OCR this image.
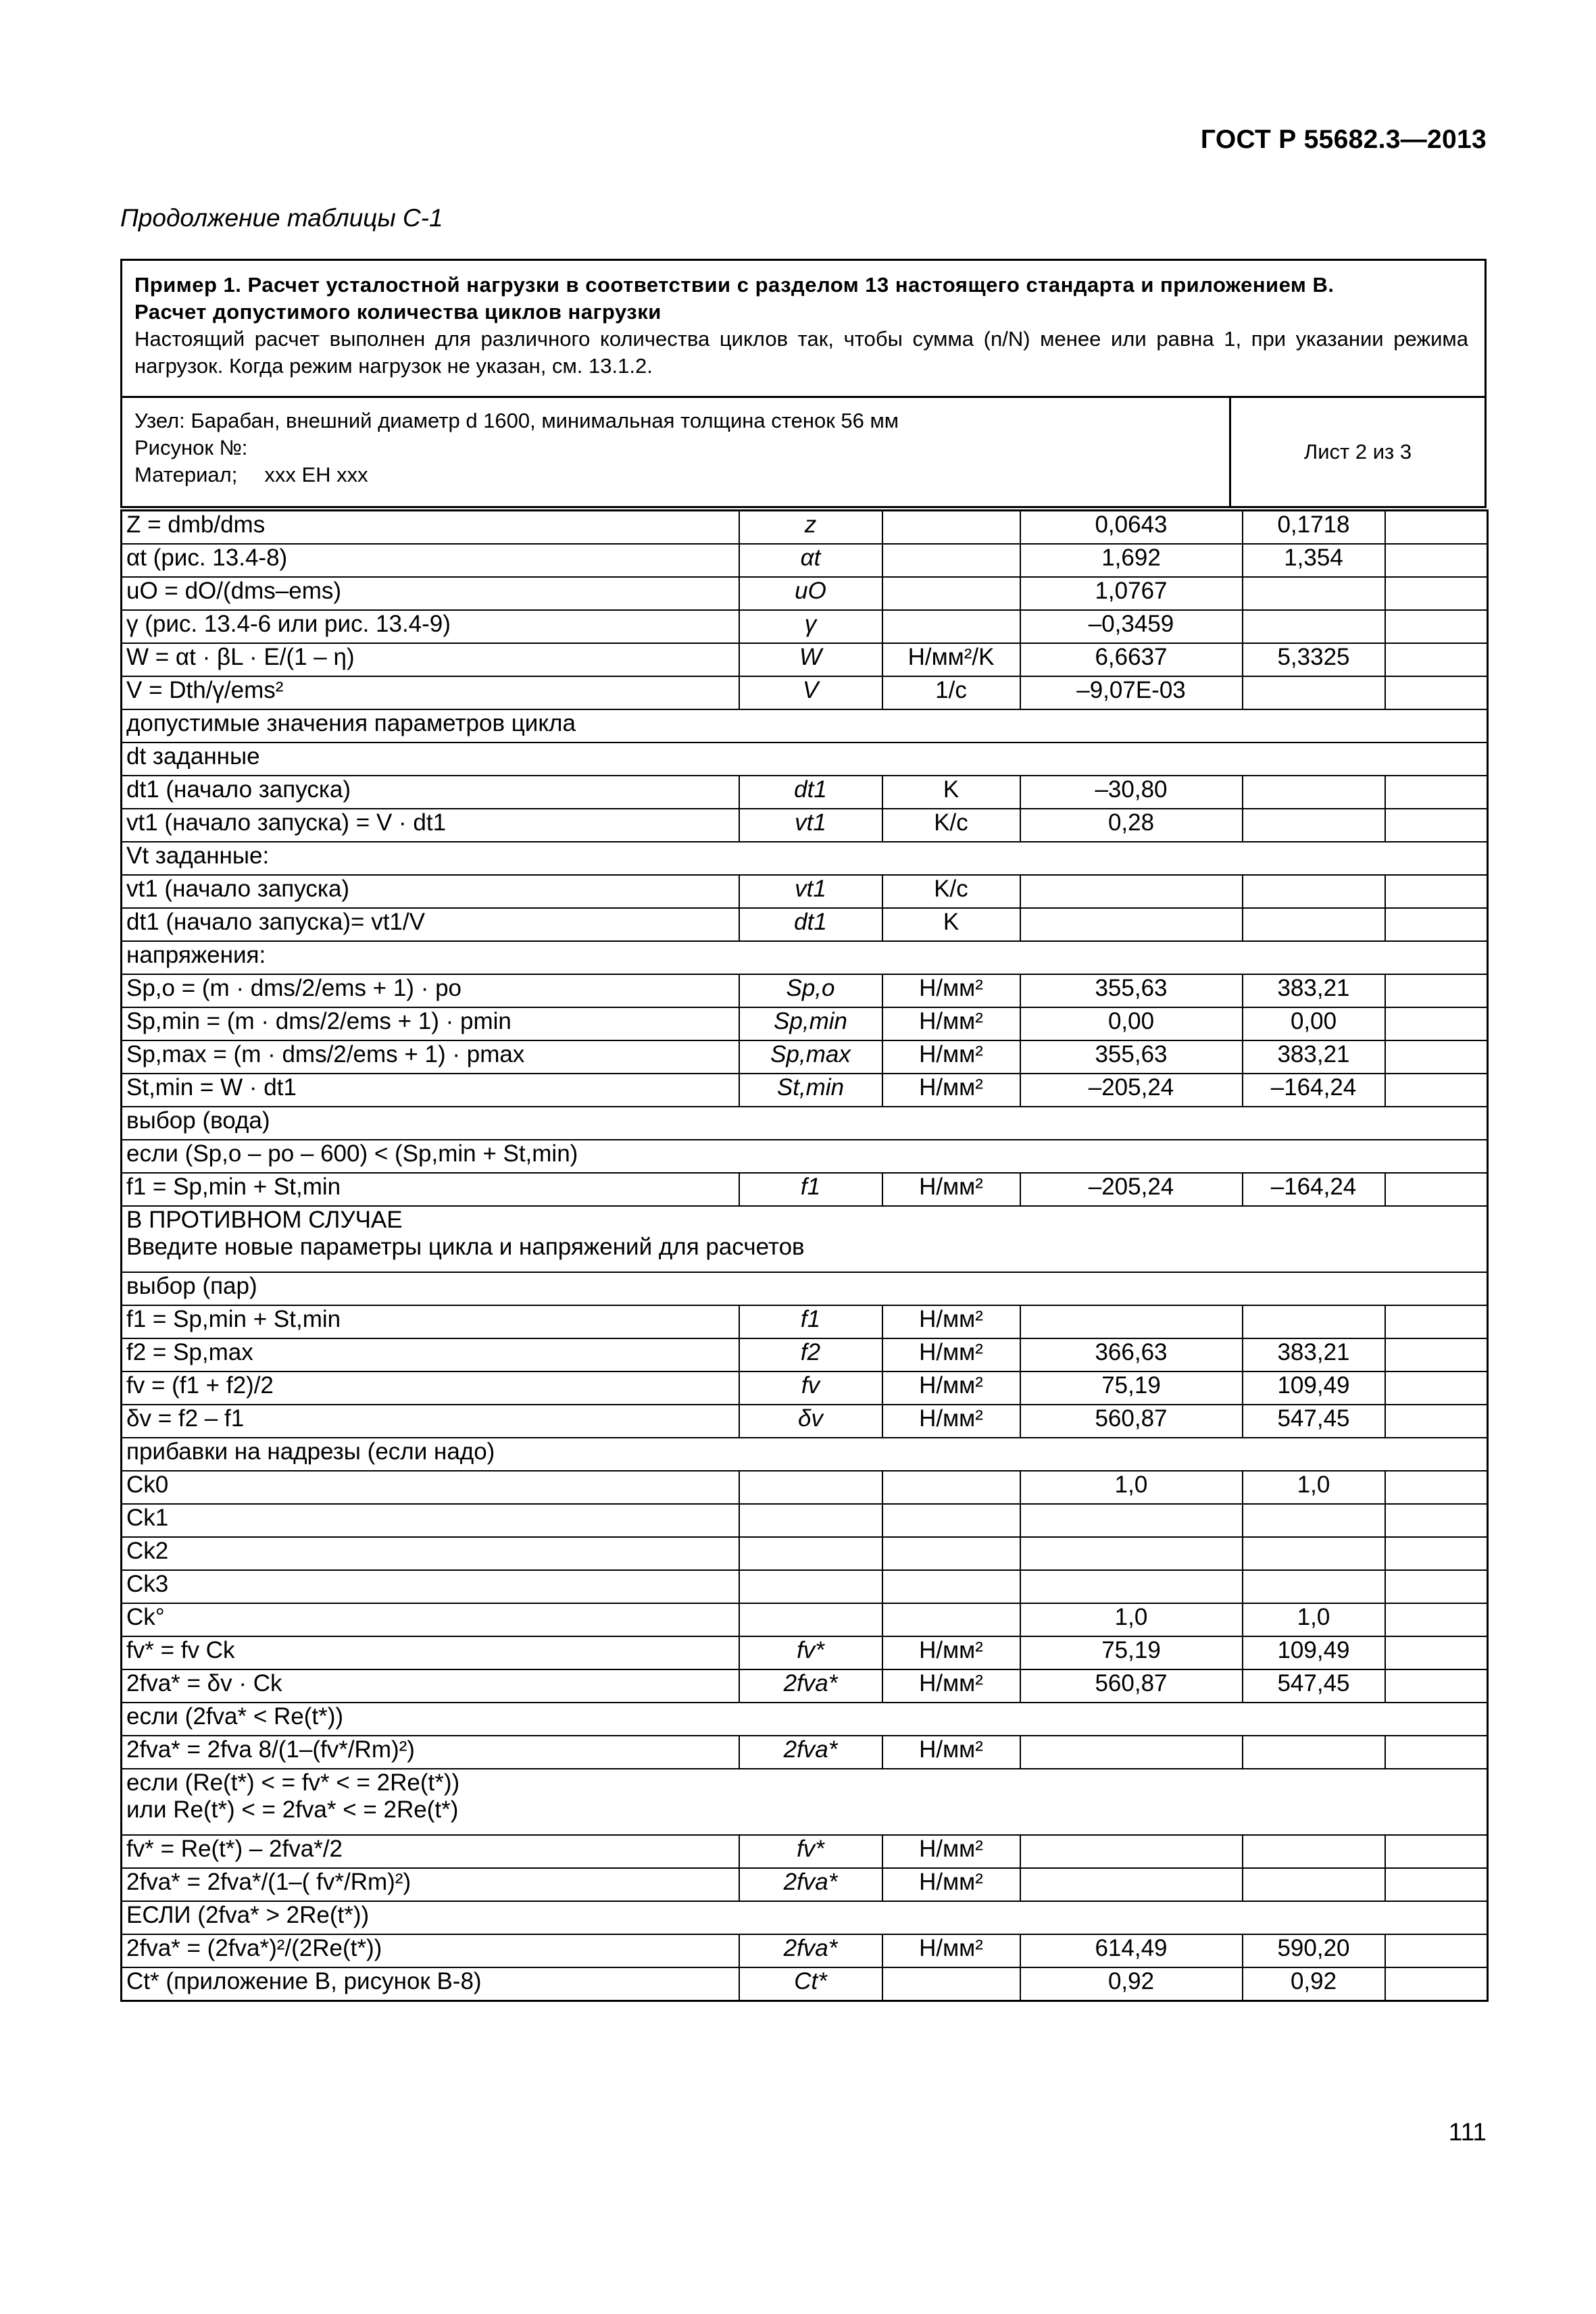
ГОСТ Р 55682.3—2013
Продолжение таблицы С-1
Пример 1. Расчет усталостной нагрузки в соответствии с разделом 13 настоящего стандарта и приложением В.
Расчет допустимого количества циклов нагрузки
Настоящий расчет выполнен для различного количества циклов так, чтобы сумма (n/N) менее или равна 1, при указании режима нагрузок. Когда режим нагрузок не указан, см. 13.1.2.
Узел: Барабан, внешний диаметр d 1600, минимальная толщина стенок 56 мм
Рисунок №:
Материал; ххх ЕН ххх
Лист 2 из 3
Z = dmb/dms	z		0,0643	0,1718	
αt (рис. 13.4-8)	αt		1,692	1,354	
uO = dO/(dms–ems)	uO		1,0767		
γ (рис. 13.4-6 или рис. 13.4-9)	γ		–0,3459		
W = αt · βL · E/(1 – η)	W	Н/мм²/K	6,6637	5,3325	
V = Dth/γ/ems²	V	1/с	–9,07E-03		
допустимые значения параметров цикла					
dt заданные					
dt1 (начало запуска)	dt1	K	–30,80		
vt1 (начало запуска) = V · dt1	vt1	K/c	0,28		
Vt заданные:					
vt1 (начало запуска)	vt1	K/c			
dt1 (начало запуска)= vt1/V	dt1	K			
напряжения:					
Sp,o = (m · dms/2/ems + 1) · po	Sp,o	Н/мм²	355,63	383,21	
Sp,min = (m · dms/2/ems + 1) · pmin	Sp,min	Н/мм²	0,00	0,00	
Sp,max = (m · dms/2/ems + 1) · pmax	Sp,max	Н/мм²	355,63	383,21	
St,min = W · dt1	St,min	Н/мм²	–205,24	–164,24	
выбор (вода)					
если (Sp,o – po – 600) < (Sp,min + St,min)					
f1 = Sp,min + St,min	f1	Н/мм²	–205,24	–164,24	
В ПРОТИВНОМ СЛУЧАЕ
Введите новые параметры цикла и напряжений для расчетов					
выбор (пар)					
f1 = Sp,min + St,min	f1	Н/мм²			
f2 = Sp,max	f2	Н/мм²	366,63	383,21	
fv = (f1 + f2)/2	fv	Н/мм²	75,19	109,49	
δv = f2 – f1	δv	Н/мм²	560,87	547,45	
прибавки на надрезы (если надо)					
Ck0			1,0	1,0	
Ck1					
Ck2					
Ck3					
Ck°			1,0	1,0	
fv* = fv Ck	fv*	Н/мм²	75,19	109,49	
2fva* = δv · Ck	2fva*	Н/мм²	560,87	547,45	
если (2fva* < Re(t*))					
2fva* = 2fva 8/(1–(fv*/Rm)²)	2fva*	Н/мм²			
если (Re(t*) < = fv* < = 2Re(t*))
или Re(t*) < = 2fva* < = 2Re(t*)					
fv* = Re(t*) – 2fva*/2	fv*	Н/мм²			
2fva* = 2fva*/(1–( fv*/Rm)²)	2fva*	Н/мм²			
ЕСЛИ (2fva* > 2Re(t*))					
2fva* = (2fva*)²/(2Re(t*))	2fva*	Н/мм²	614,49	590,20	
Ct* (приложение В, рисунок В-8)	Ct*		0,92	0,92	
111
